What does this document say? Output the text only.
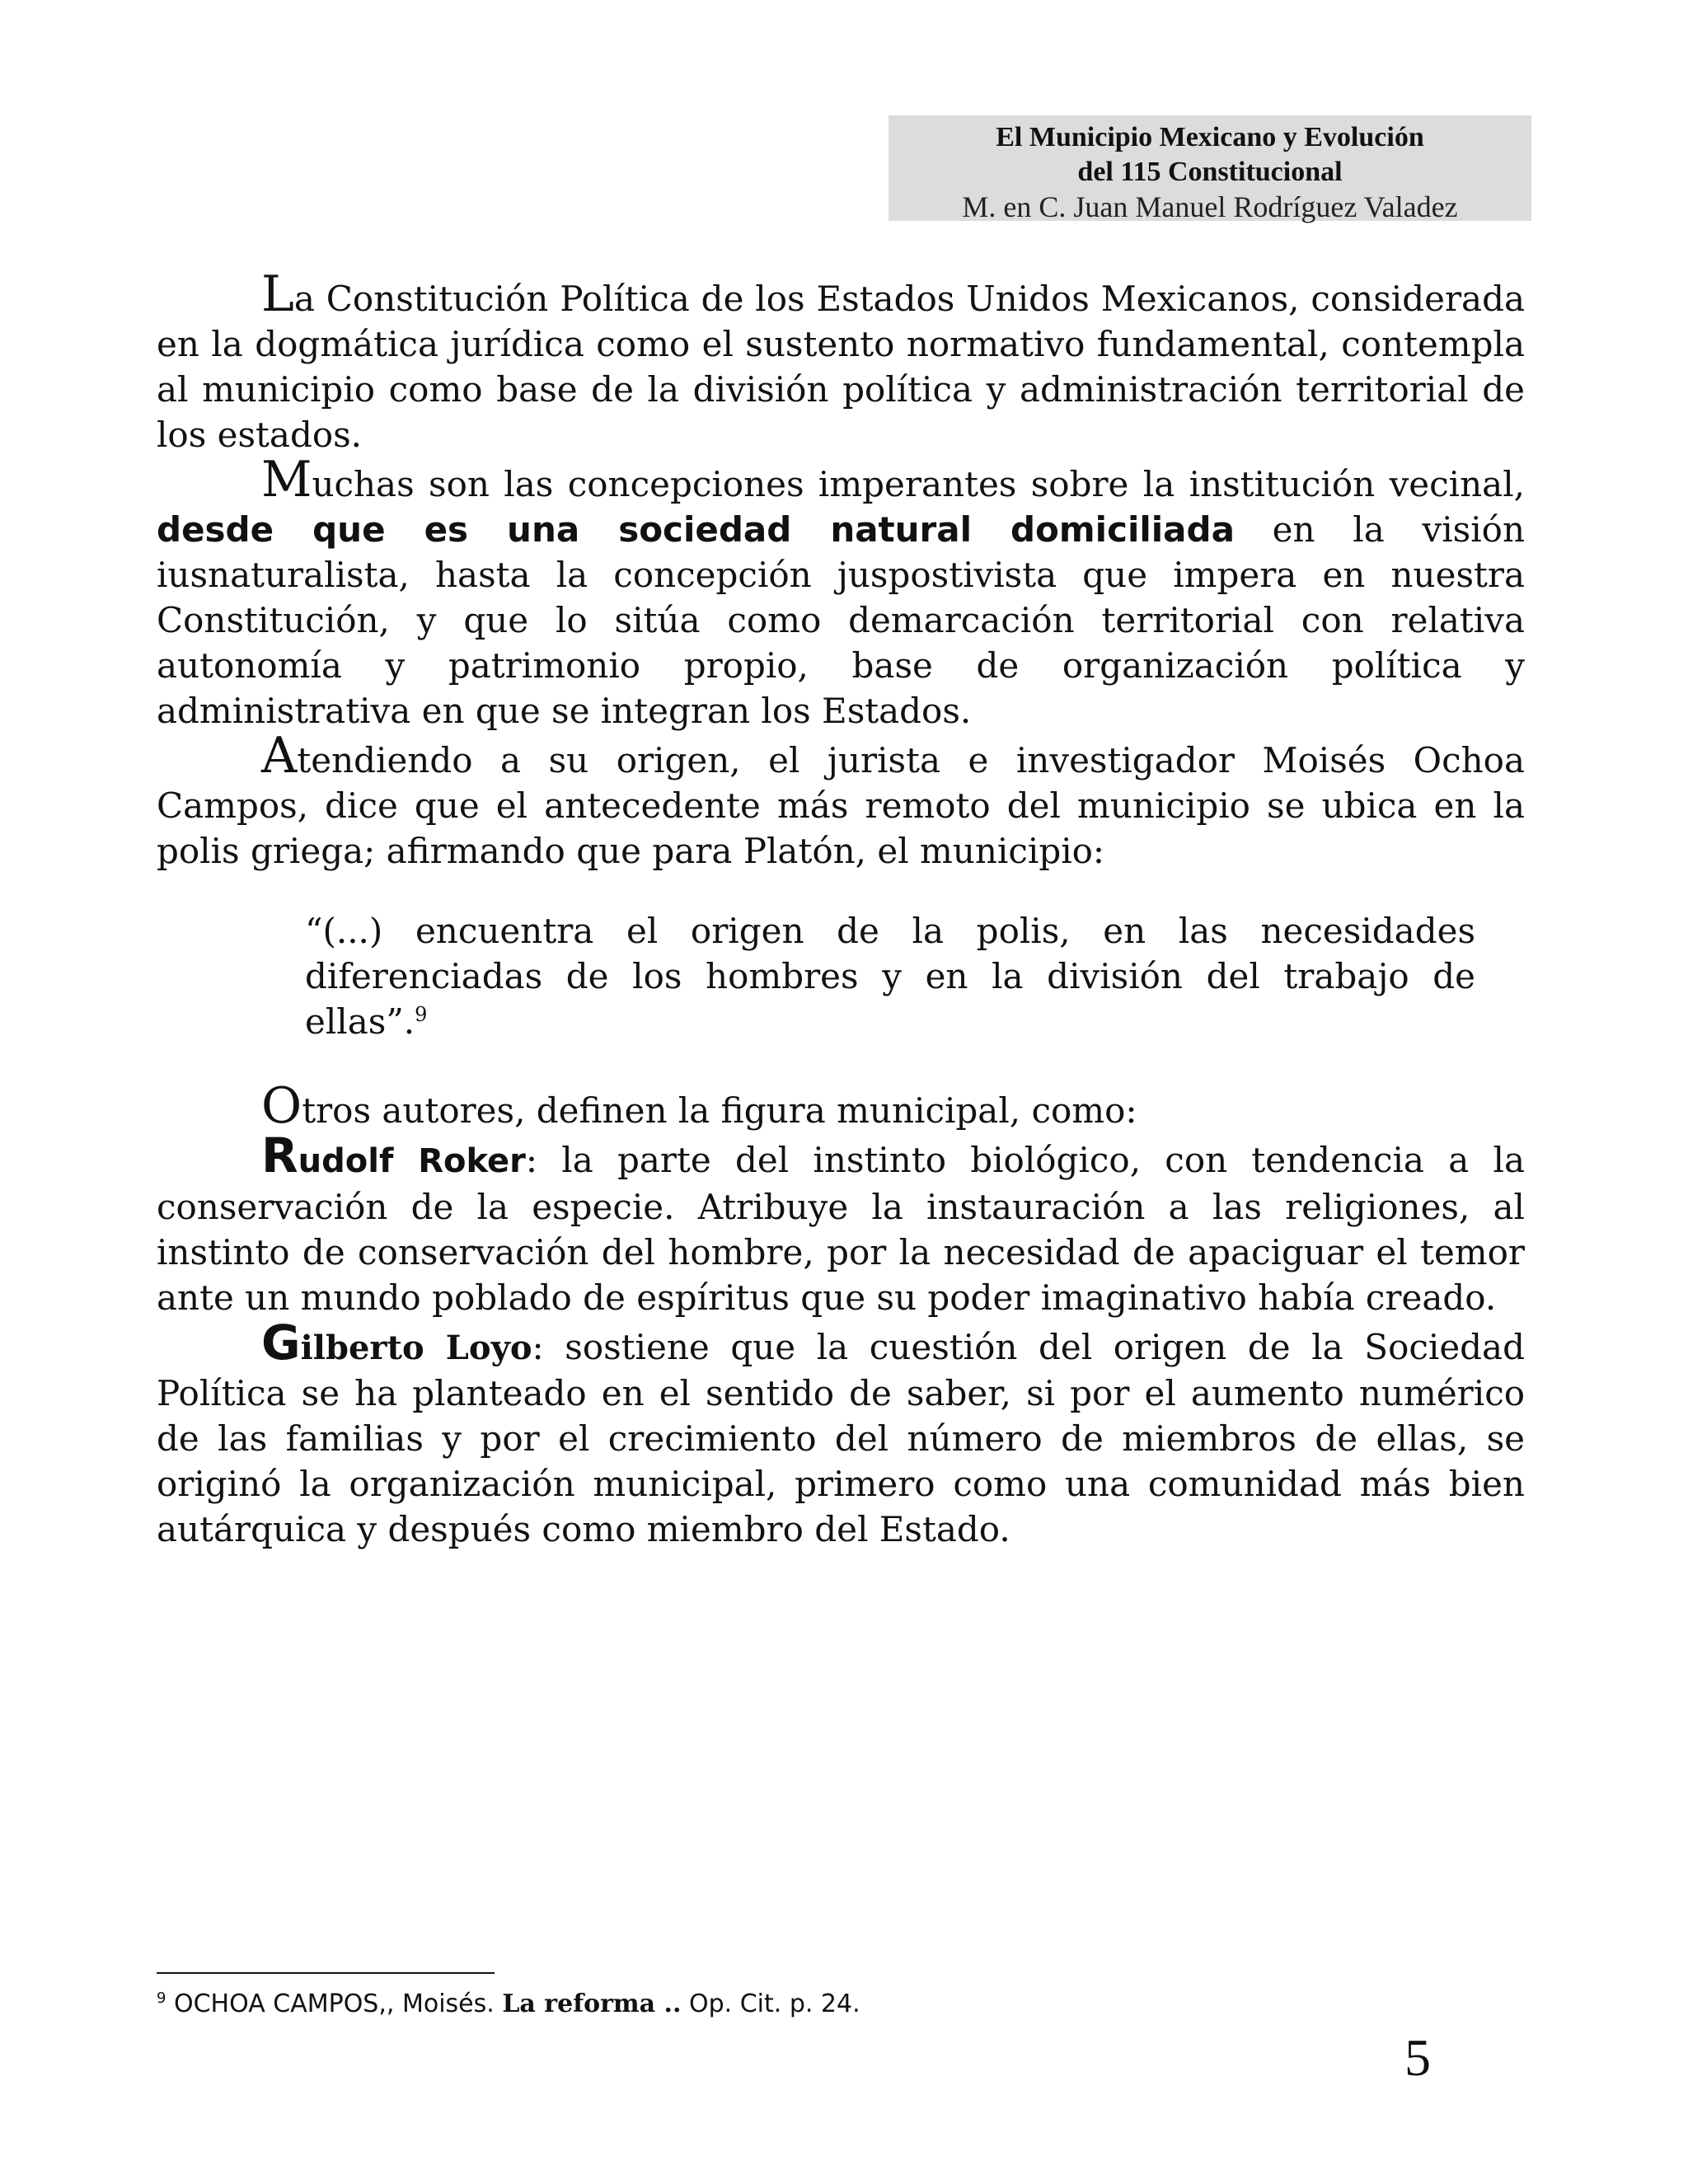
El Municipio Mexicano y Evolución
del 115 Constitucional
M. en C. Juan Manuel Rodríguez Valadez

La Constitución Política de los Estados Unidos Mexicanos, considerada en la dogmática jurídica como el sustento normativo fundamental, contempla al municipio como base de la división política y administración territorial de los estados.

Muchas son las concepciones imperantes sobre la institución vecinal, desde que es una sociedad natural domiciliada en la visión iusnaturalista, hasta la concepción juspostivista que impera en nuestra Constitución, y que lo sitúa como demarcación territorial con relativa autonomía y patrimonio propio, base de organización política y administrativa en que se integran los Estados.

Atendiendo a su origen, el jurista e investigador Moisés Ochoa Campos, dice que el antecedente más remoto del municipio se ubica en la polis griega; afirmando que para Platón, el municipio:

“(...) encuentra el origen de la polis, en las necesidades diferenciadas de los hombres y en la división del trabajo de ellas”.$^9$

Otros autores, definen la figura municipal, como:

Rudolf Roker: la parte del instinto biológico, con tendencia a la conservación de la especie. Atribuye la instauración a las religiones, al instinto de conservación del hombre, por la necesidad de apaciguar el temor ante un mundo poblado de espíritus que su poder imaginativo había creado.

Gilberto Loyo: sostiene que la cuestión del origen de la Sociedad Política se ha planteado en el sentido de saber, si por el aumento numérico de las familias y por el crecimiento del número de miembros de ellas, se originó la organización municipal, primero como una comunidad más bien autárquica y después como miembro del Estado.

$^9$ OCHOA CAMPOS,, Moisés. La reforma .. Op. Cit. p. 24.
5
